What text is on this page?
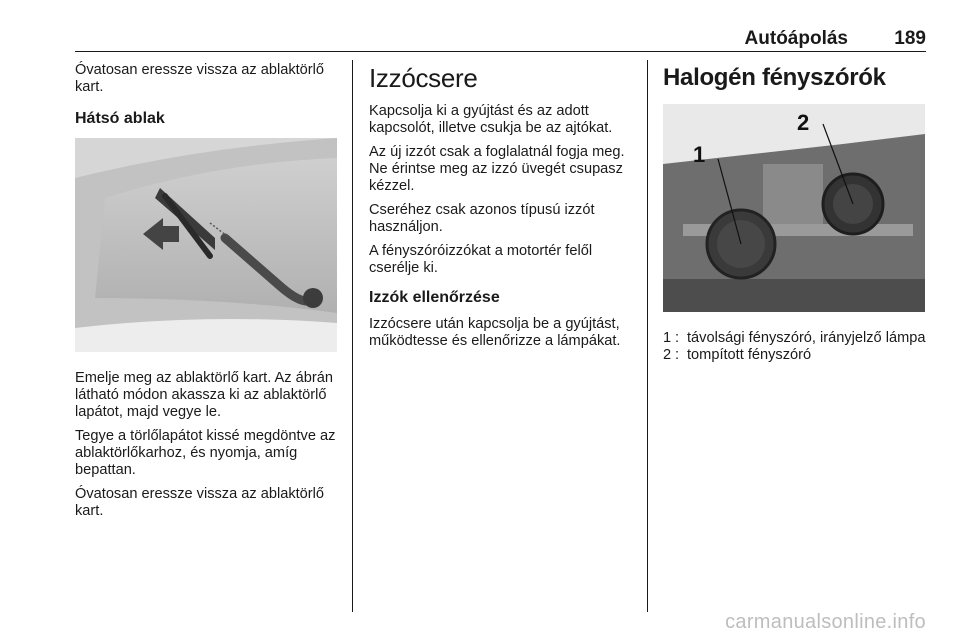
Autóápolás 189

Óvatosan eressze vissza az ablaktörlő kart.

Hátsó ablak

Emelje meg az ablaktörlő kart. Az ábrán látható módon akassza ki az ablaktörlő lapátot, majd vegye le.

Tegye a törlőlapátot kissé megdöntve az ablaktörlőkarhoz, és nyomja, amíg bepattan.

Óvatosan eressze vissza az ablaktörlő kart.

Izzócsere

Kapcsolja ki a gyújtást és az adott kapcsolót, illetve csukja be az ajtókat.

Az új izzót csak a foglalatnál fogja meg. Ne érintse meg az izzó üvegét csupasz kézzel.

Cseréhez csak azonos típusú izzót használjon.

A fényszóróizzókat a motortér felől cserélje ki.

Izzók ellenőrzése

Izzócsere után kapcsolja be a gyújtást, működtesse és ellenőrizze a lámpákat.

Halogén fényszórók
1
2
1 : távolsági fényszóró, irányjelző lámpa
2 : tompított fényszóró
carmanualsonline.info
